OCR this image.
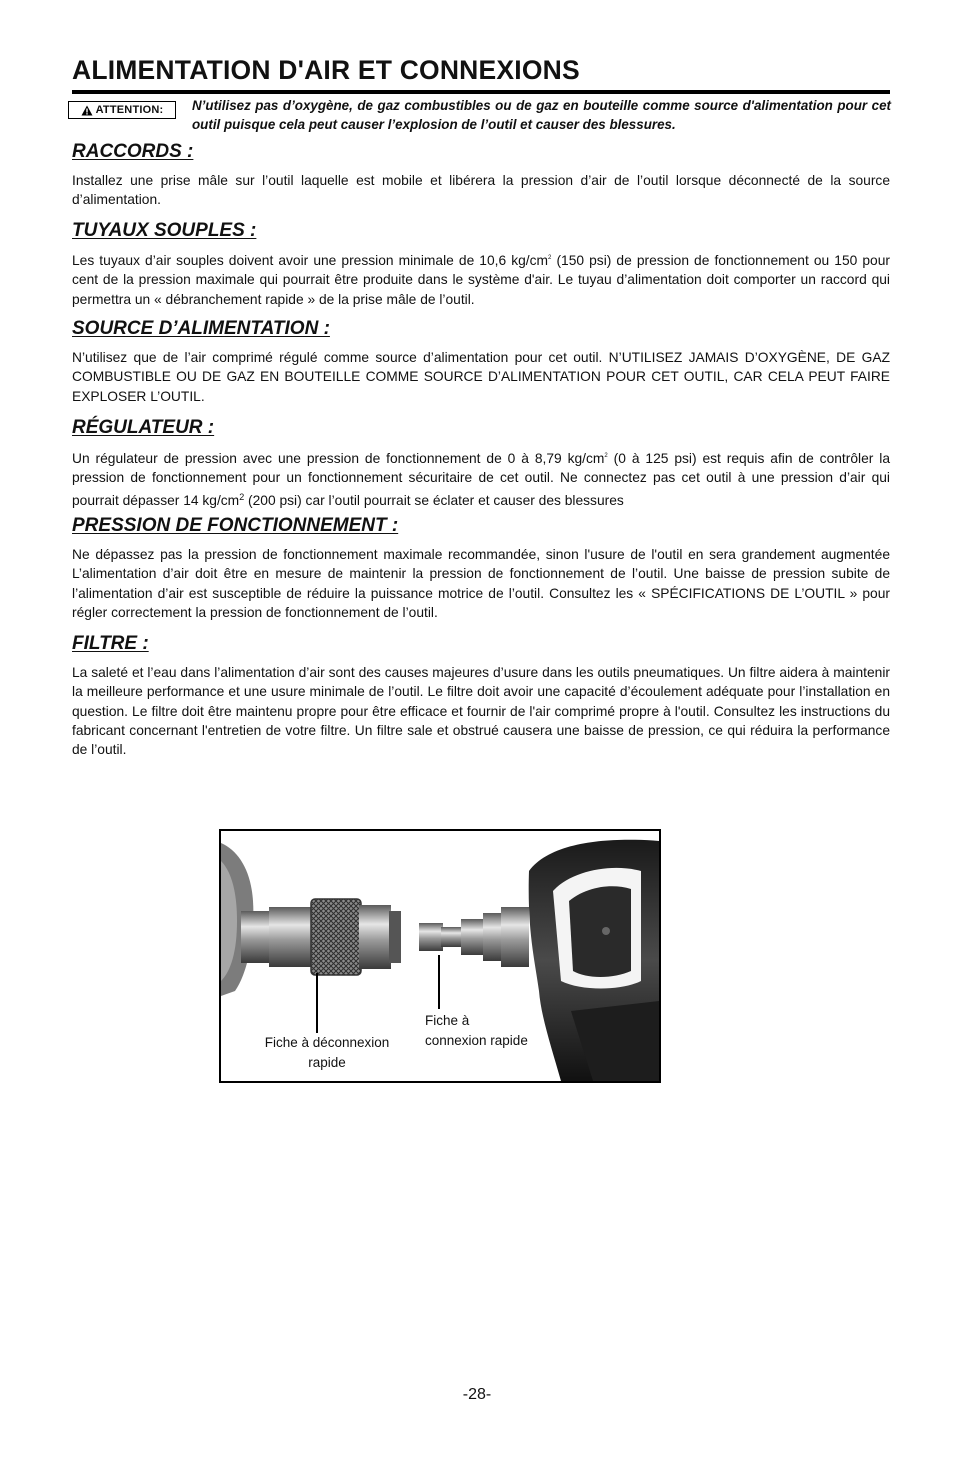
ALIMENTATION D'AIR ET CONNEXIONS
ATTENTION: N’utilisez pas d’oxygène, de gaz combustibles ou de gaz en bouteille comme source d'alimentation pour cet outil puisque cela peut causer l’explosion de l’outil et causer des blessures.
RACCORDS :
Installez une prise mâle sur l’outil laquelle est mobile et libérera la pression d’air de l’outil lorsque déconnecté de la source d’alimentation.
TUYAUX SOUPLES :
Les tuyaux d’air souples doivent avoir une pression minimale de 10,6 $kg/cm^2$ (150 psi) de pression de fonctionnement ou 150 pour cent de la pression maximale qui pourrait être produite dans le système d'air. Le tuyau d’alimentation doit comporter un raccord qui permettra un « débranchement rapide » de la prise mâle de l’outil.
SOURCE D’ALIMENTATION :
N’utilisez que de l’air comprimé régulé comme source d’alimentation pour cet outil. N’UTILISEZ JAMAIS D’OXYGÈNE, DE GAZ COMBUSTIBLE OU DE GAZ EN BOUTEILLE COMME SOURCE D’ALIMENTATION POUR CET OUTIL, CAR CELA PEUT FAIRE EXPLOSER L’OUTIL.
RÉGULATEUR :
Un régulateur de pression avec une pression de fonctionnement de 0 à 8,79 $kg/cm^2$ (0 à 125 psi) est requis afin de contrôler la pression de fonctionnement pour un fonctionnement sécuritaire de cet outil. Ne connectez pas cet outil à une pression d’air qui pourrait dépasser 14 $kg/cm^2$ (200 psi) car l’outil pourrait se éclater et causer des blessures
PRESSION DE FONCTIONNEMENT :
Ne dépassez pas la pression de fonctionnement maximale recommandée, sinon l'usure de l'outil en sera grandement augmentée L’alimentation d’air doit être en mesure de maintenir la pression de fonctionnement de l’outil. Une baisse de pression subite de l’alimentation d’air est susceptible de réduire la puissance motrice de l’outil. Consultez les « SPÉCIFICATIONS DE L’OUTIL » pour régler correctement la pression de fonctionnement de l’outil.
FILTRE :
La saleté et l’eau dans l’alimentation d’air sont des causes majeures d’usure dans les outils pneumatiques. Un filtre aidera à maintenir la meilleure performance et une usure minimale de l’outil. Le filtre doit avoir une capacité d’écoulement adéquate pour l’installation en question. Le filtre doit être maintenu propre pour être efficace et fournir de l'air comprimé propre à l'outil. Consultez les instructions du fabricant concernant l'entretien de votre filtre. Un filtre sale et obstrué causera une baisse de pression, ce qui réduira la performance de l’outil.
Fiche à déconnexion
rapide
Fiche à
connexion rapide
-28-
